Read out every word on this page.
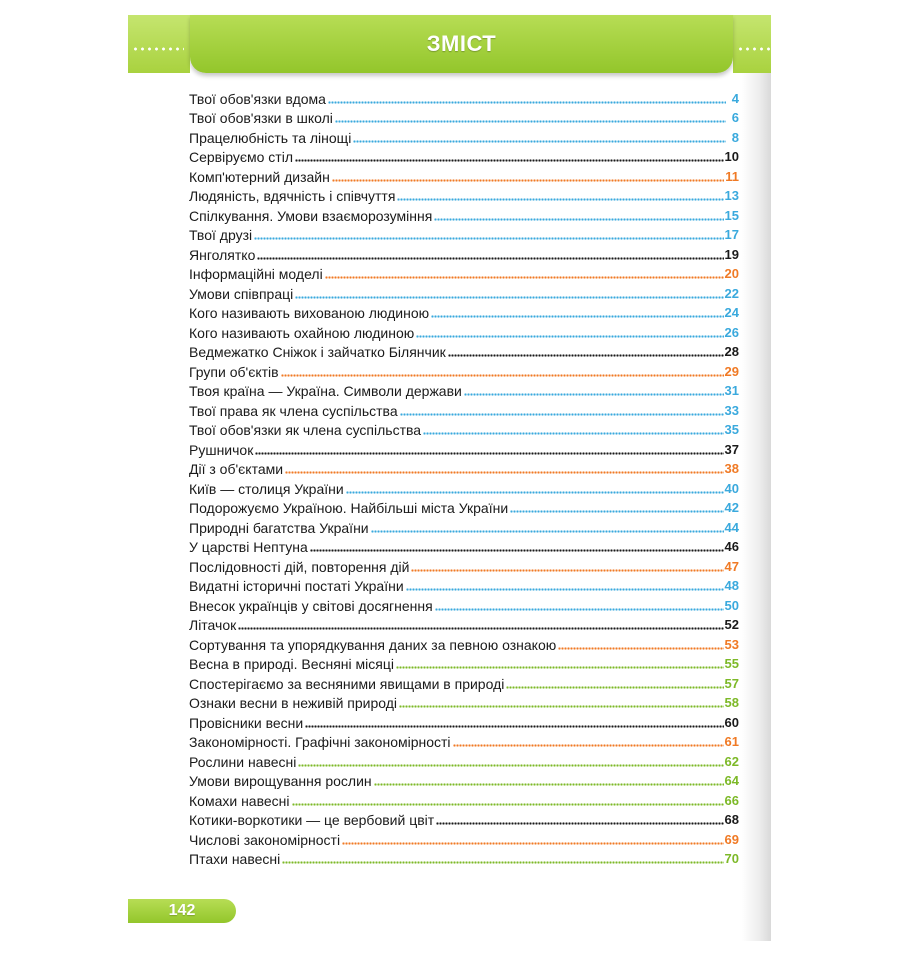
ЗМІСТ
Твої обов'язки вдома	4
Твої обов'язки в школі	6
Працелюбність та лінощі	8
Сервіруємо стіл	10
Комп'ютерний дизайн	11
Людяність, вдячність і співчуття	13
Спілкування. Умови взаєморозуміння	15
Твої друзі	17
Янголятко	19
Інформаційні моделі	20
Умови співпраці	22
Кого називають вихованою людиною	24
Кого називають охайною людиною	26
Ведмежатко Сніжок і зайчатко Білянчик	28
Групи об'єктів	29
Твоя країна — Україна. Символи держави	31
Твої права як члена суспільства	33
Твої обов'язки як члена суспільства	35
Рушничок	37
Дії з об'єктами	38
Київ — столиця України	40
Подорожуємо Україною. Найбільші міста України	42
Природні багатства України	44
У царстві Нептуна	46
Послідовності дій, повторення дій	47
Видатні історичні постаті України	48
Внесок українців у світові досягнення	50
Літачок	52
Сортування та упорядкування даних за певною ознакою	53
Весна в природі. Весняні місяці	55
Спостерігаємо за весняними явищами в природі	57
Ознаки весни в неживій природі	58
Провісники весни	60
Закономірності. Графічні закономірності	61
Рослини навесні	62
Умови вирощування рослин	64
Комахи навесні	66
Котики-воркотики — це вербовий цвіт	68
Числові закономірності	69
Птахи навесні	70
142
